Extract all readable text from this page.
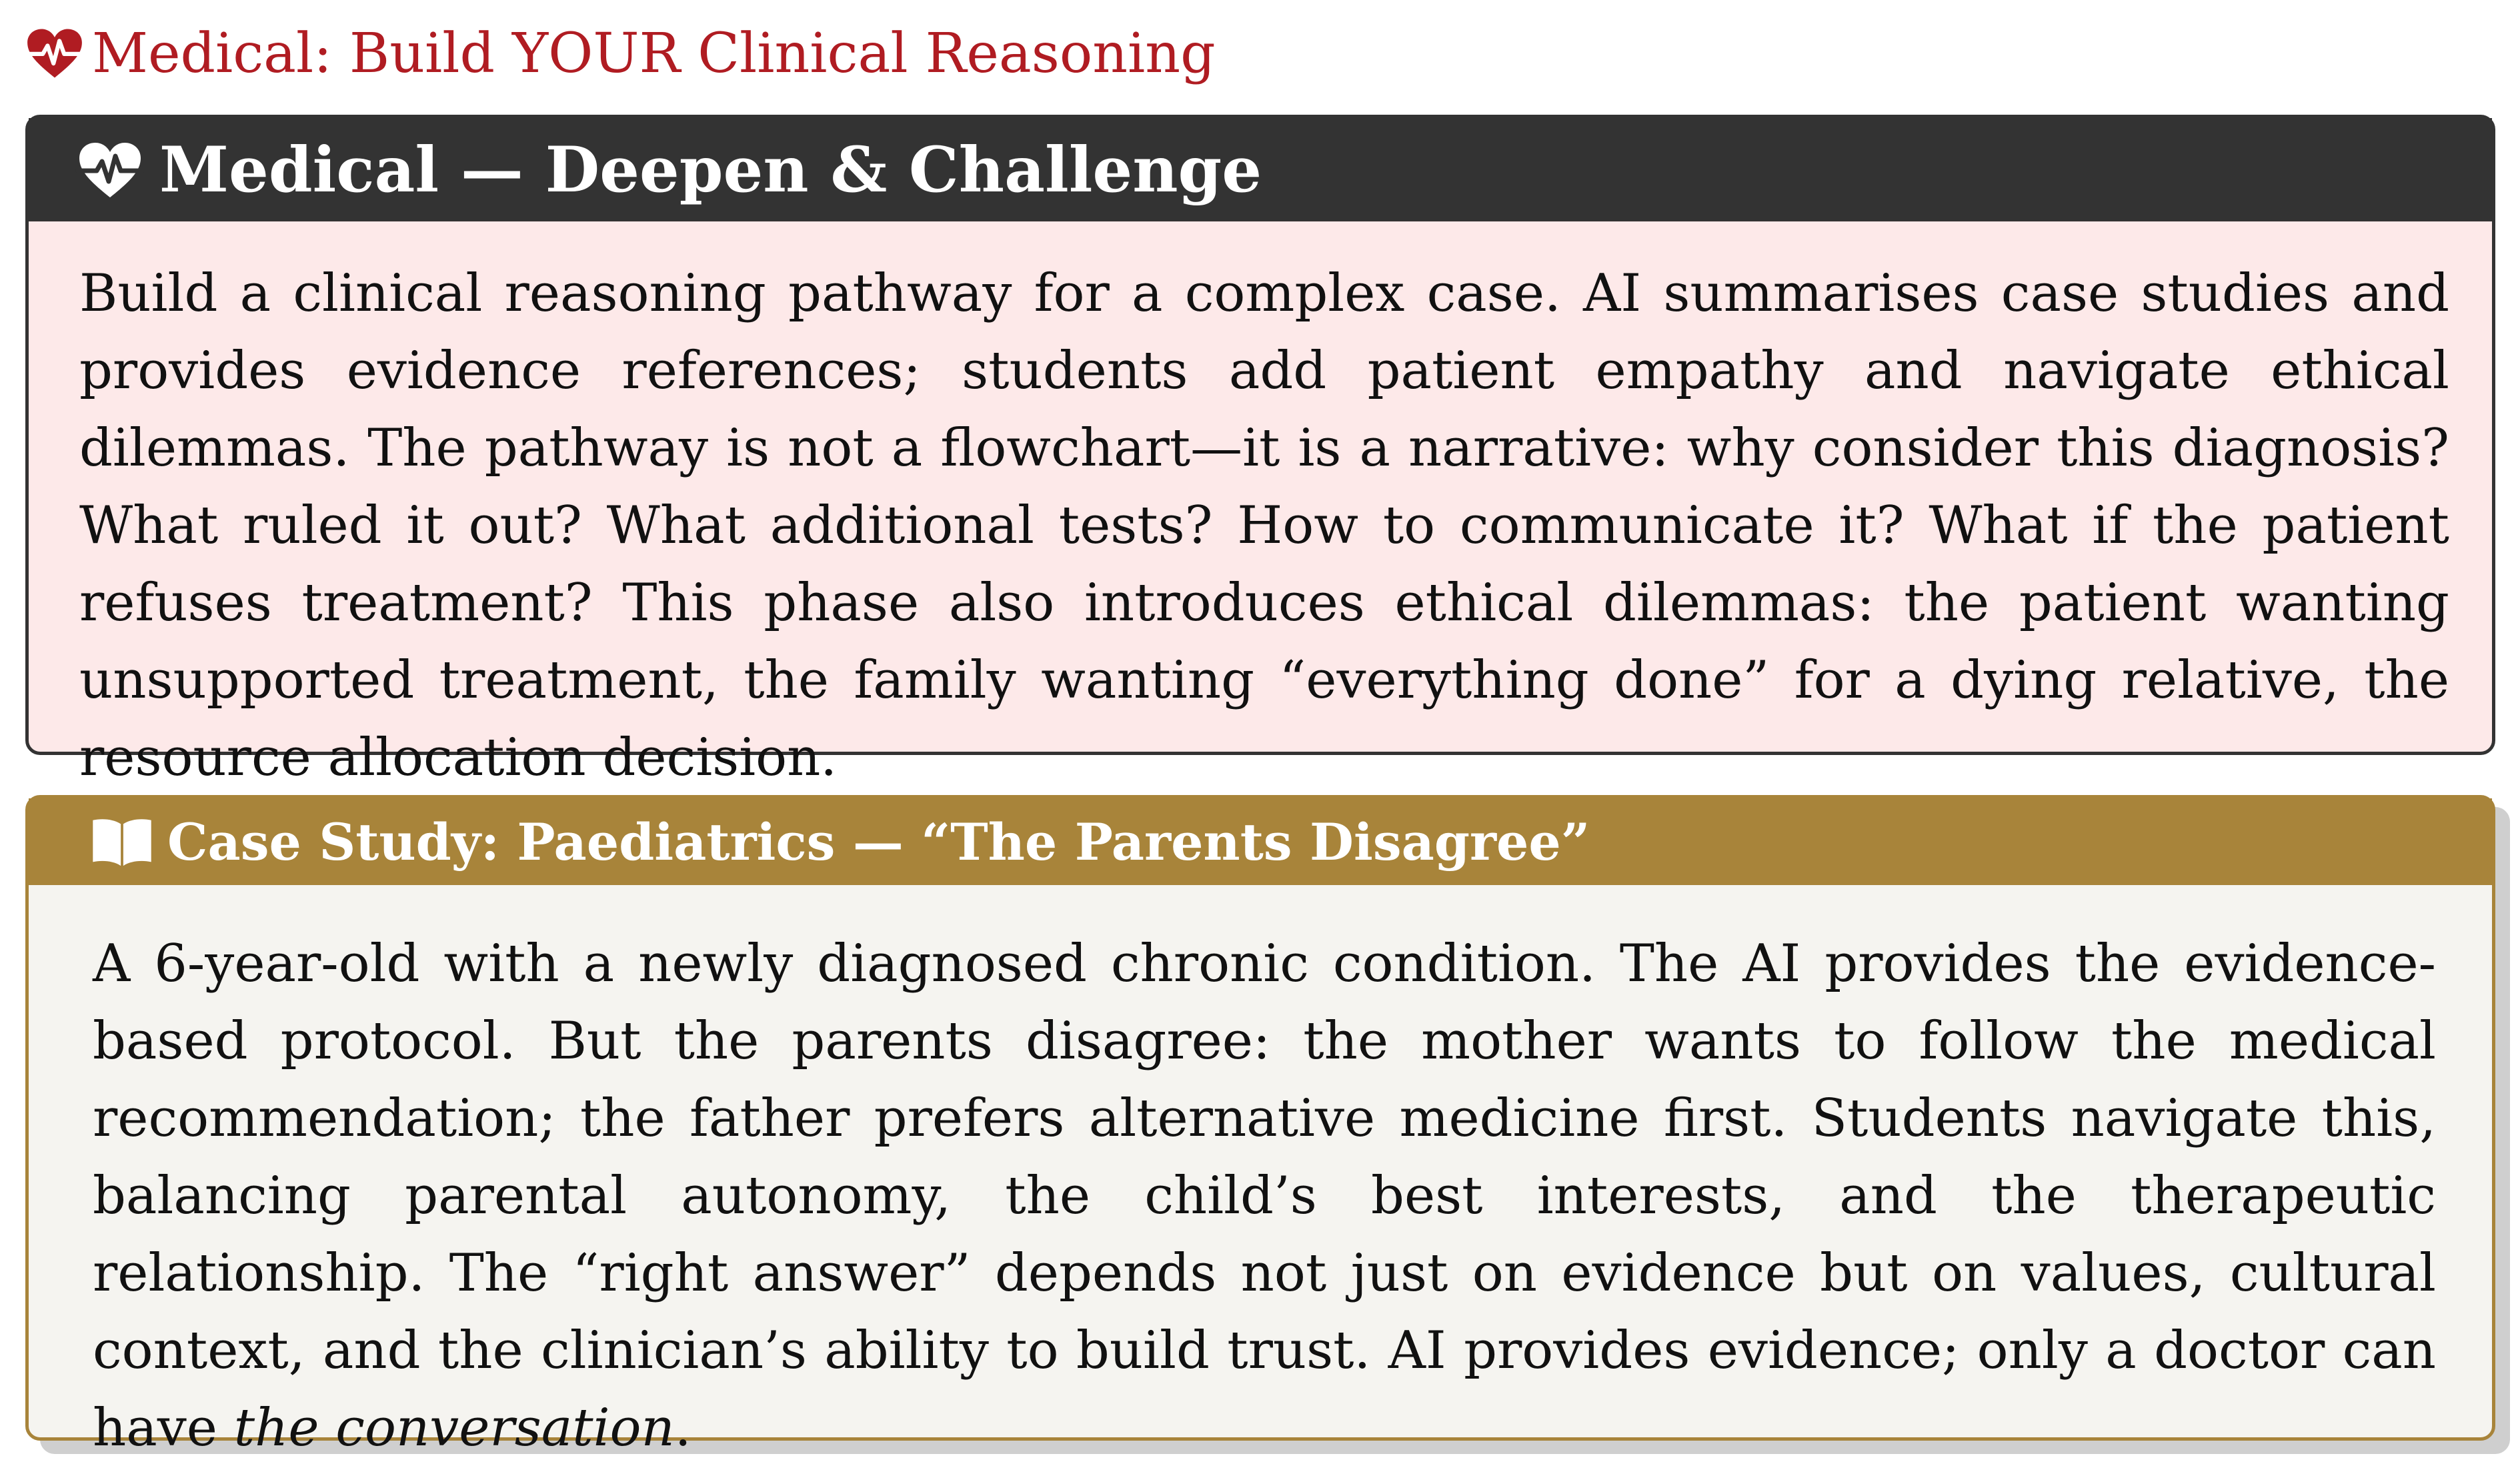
Medical: Build YOUR Clinical Reasoning
Medical — Deepen & Challenge
Build a clinical reasoning pathway for a complex case. AI summarises case studies and provides evidence references; students add patient empathy and navigate ethical dilemmas. The pathway is not a flowchart—it is a narrative: why consider this diagnosis? What ruled it out? What additional tests? How to communicate it? What if the patient refuses treatment? This phase also introduces ethical dilemmas: the patient wanting unsupported treatment, the family wanting “everything done” for a dying relative, the resource allocation decision.
Case Study: Paediatrics — “The Parents Disagree”
A 6-year-old with a newly diagnosed chronic condition. The AI provides the evidence-based protocol. But the parents disagree: the mother wants to follow the medical recommendation; the father prefers alternative medicine first. Students navigate this, balancing parental autonomy, the child’s best interests, and the therapeutic relationship. The “right answer” depends not just on evidence but on values, cultural context, and the clinician’s ability to build trust. AI provides evidence; only a doctor can have the conversation.
